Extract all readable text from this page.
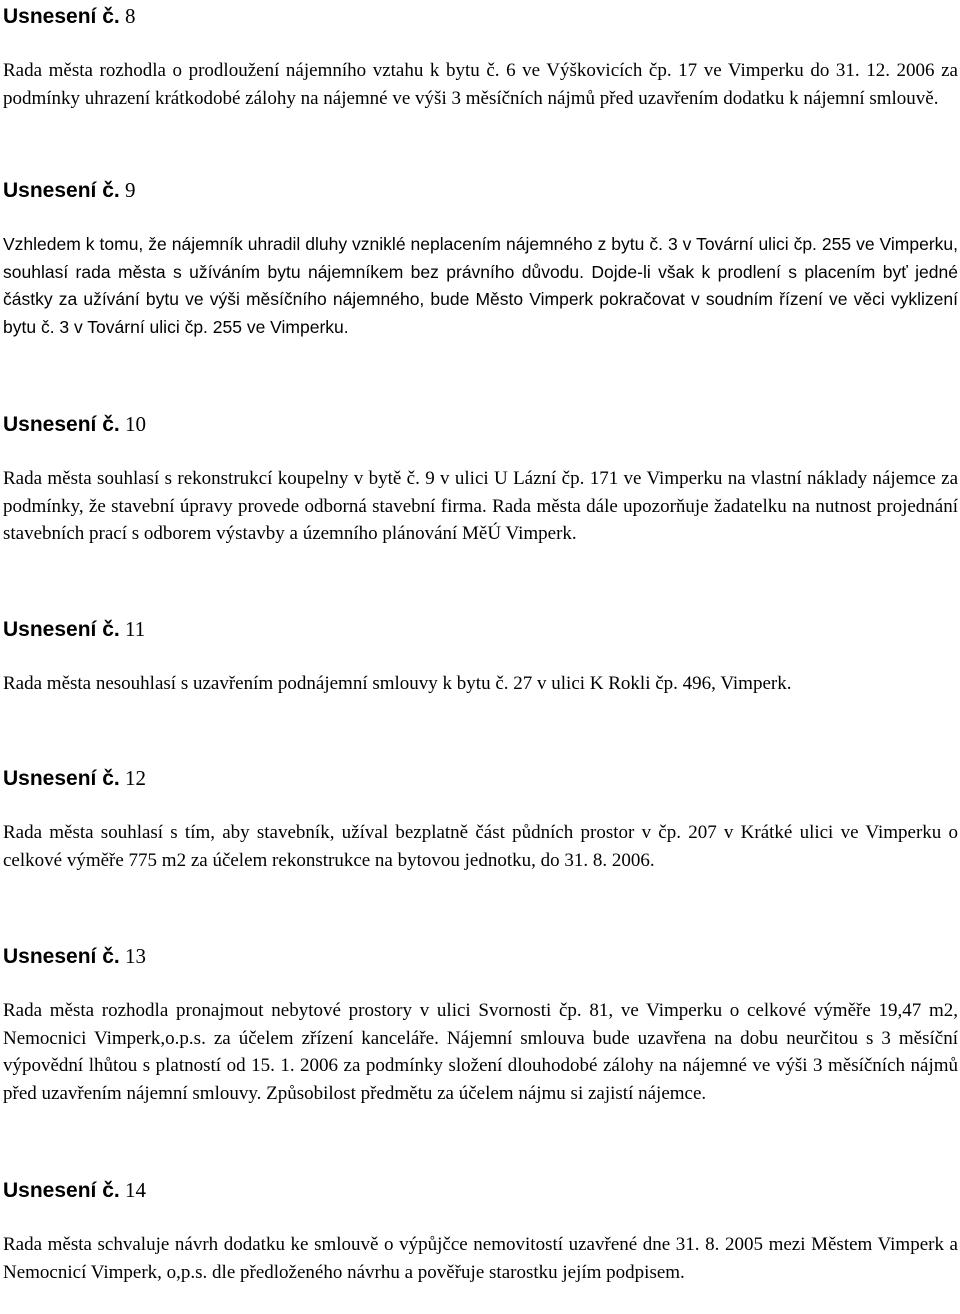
Usnesení č. 8

Rada města rozhodla o prodloužení nájemního vztahu k bytu č. 6 ve Výškovicích čp. 17 ve Vimperku do 31. 12. 2006 za podmínky uhrazení krátkodobé zálohy na nájemné ve výši 3 měsíčních nájmů před uzavřením dodatku k nájemní smlouvě.

Usnesení č. 9

Vzhledem k tomu, že nájemník uhradil dluhy vzniklé neplacením nájemného z bytu č. 3 v Tovární ulici čp. 255 ve Vimperku, souhlasí rada města s užíváním bytu nájemníkem bez právního důvodu. Dojde-li však k prodlení s placením byť jedné částky za užívání bytu ve výši měsíčního nájemného, bude Město Vimperk pokračovat v soudním řízení ve věci vyklizení bytu č. 3 v Tovární ulici čp. 255 ve Vimperku.

Usnesení č. 10

Rada města souhlasí s rekonstrukcí koupelny v bytě č. 9 v ulici U Lázní čp. 171 ve Vimperku na vlastní náklady nájemce za podmínky, že stavební úpravy provede odborná stavební firma. Rada města dále upozorňuje žadatelku na nutnost projednání stavebních prací s odborem výstavby a územního plánování MěÚ Vimperk.

Usnesení č. 11

Rada města nesouhlasí s uzavřením podnájemní smlouvy k bytu č. 27 v ulici K Rokli čp. 496, Vimperk.

Usnesení č. 12

Rada města souhlasí s tím, aby stavebník, užíval bezplatně část půdních prostor v čp. 207 v Krátké ulici ve Vimperku o celkové výměře 775 m2 za účelem rekonstrukce na bytovou jednotku, do 31. 8. 2006.

Usnesení č. 13

Rada města rozhodla pronajmout nebytové prostory v ulici Svornosti čp. 81, ve Vimperku o celkové výměře 19,47 m2, Nemocnici Vimperk,o.p.s. za účelem zřízení kanceláře. Nájemní smlouva bude uzavřena na dobu neurčitou s 3 měsíční výpovědní lhůtou s platností od 15. 1. 2006 za podmínky složení dlouhodobé zálohy na nájemné ve výši 3 měsíčních nájmů před uzavřením nájemní smlouvy. Způsobilost předmětu za účelem nájmu si zajistí nájemce.

Usnesení č. 14

Rada města schvaluje návrh dodatku ke smlouvě o výpůjčce nemovitostí uzavřené dne 31. 8. 2005 mezi Městem Vimperk a Nemocnicí Vimperk, o,p.s. dle předloženého návrhu a pověřuje starostku jejím podpisem.
